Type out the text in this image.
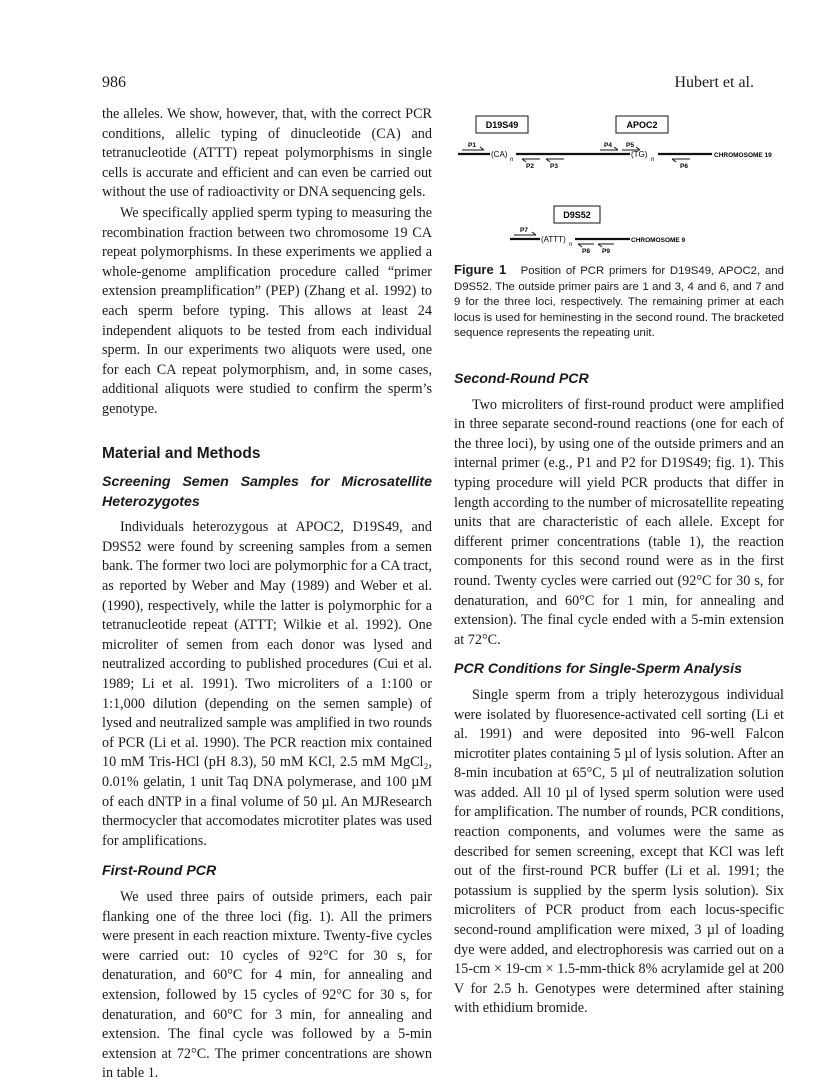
986	Hubert et al.

the alleles. We show, however, that, with the correct PCR conditions, allelic typing of dinucleotide (CA) and tetranucleotide (ATTT) repeat polymorphisms in single cells is accurate and efficient and can even be carried out without the use of radioactivity or DNA sequencing gels.

We specifically applied sperm typing to measuring the recombination fraction between two chromosome 19 CA repeat polymorphisms. In these experiments we applied a whole-genome amplification procedure called “primer extension preamplification” (PEP) (Zhang et al. 1992) to each sperm before typing. This allows at least 24 independent aliquots to be tested from each individual sperm. In our experiments two aliquots were used, one for each CA repeat polymorphism, and, in some cases, additional aliquots were studied to confirm the sperm’s genotype.

Material and Methods
Screening Semen Samples for Microsatellite Heterozygotes

Individuals heterozygous at APOC2, D19S49, and D9S52 were found by screening samples from a semen bank. The former two loci are polymorphic for a CA tract, as reported by Weber and May (1989) and Weber et al. (1990), respectively, while the latter is polymorphic for a tetranucleotide repeat (ATTT; Wilkie et al. 1992). One microliter of semen from each donor was lysed and neutralized according to published procedures (Cui et al. 1989; Li et al. 1991). Two microliters of a 1:100 or 1:1,000 dilution (depending on the semen sample) of lysed and neutralized sample was amplified in two rounds of PCR (Li et al. 1990). The PCR reaction mix contained 10 mM Tris-HCl (pH 8.3), 50 mM KCl, 2.5 mM MgCl₂, 0.01% gelatin, 1 unit Taq DNA polymerase, and 100 µM of each dNTP in a final volume of 50 µl. An MJResearch thermocycler that accomodates microtiter plates was used for amplifications.

First-Round PCR

We used three pairs of outside primers, each pair flanking one of the three loci (fig. 1). All the primers were present in each reaction mixture. Twenty-five cycles were carried out: 10 cycles of 92°C for 30 s, for denaturation, and 60°C for 4 min, for annealing and extension, followed by 15 cycles of 92°C for 30 s, for denaturation, and 60°C for 3 min, for annealing and extension. The final cycle was followed by a 5-min extension at 72°C. The primer concentrations are shown in table 1.

D19S49	APOC2
(CA)
n
(TG)
n
CHROMOSOME 19
P1
P2 P3
P4 P5
P6
D9S52
(ATTT)
n
CHROMOSOME 9
P7
P8 P9
Figure 1 Position of PCR primers for D19S49, APOC2, and D9S52. The outside primer pairs are 1 and 3, 4 and 6, and 7 and 9 for the three loci, respectively. The remaining primer at each locus is used for heminesting in the second round. The bracketed sequence represents the repeating unit.
Second-Round PCR

Two microliters of first-round product were amplified in three separate second-round reactions (one for each of the three loci), by using one of the outside primers and an internal primer (e.g., P1 and P2 for D19S49; fig. 1). This typing procedure will yield PCR products that differ in length according to the number of microsatellite repeating units that are characteristic of each allele. Except for different primer concentrations (table 1), the reaction components for this second round were as in the first round. Twenty cycles were carried out (92°C for 30 s, for denaturation, and 60°C for 1 min, for annealing and extension). The final cycle ended with a 5-min extension at 72°C.

PCR Conditions for Single-Sperm Analysis

Single sperm from a triply heterozygous individual were isolated by fluoresence-activated cell sorting (Li et al. 1991) and were deposited into 96-well Falcon microtiter plates containing 5 µl of lysis solution. After an 8-min incubation at 65°C, 5 µl of neutralization solution was added. All 10 µl of lysed sperm solution were used for amplification. The number of rounds, PCR conditions, reaction components, and volumes were the same as described for semen screening, except that KCl was left out of the first-round PCR buffer (Li et al. 1991; the potassium is supplied by the sperm lysis solution). Six microliters of PCR product from each locus-specific second-round amplification were mixed, 3 µl of loading dye were added, and electrophoresis was carried out on a 15-cm × 19-cm × 1.5-mm-thick 8% acrylamide gel at 200 V for 2.5 h. Genotypes were determined after staining with ethidium bromide.
